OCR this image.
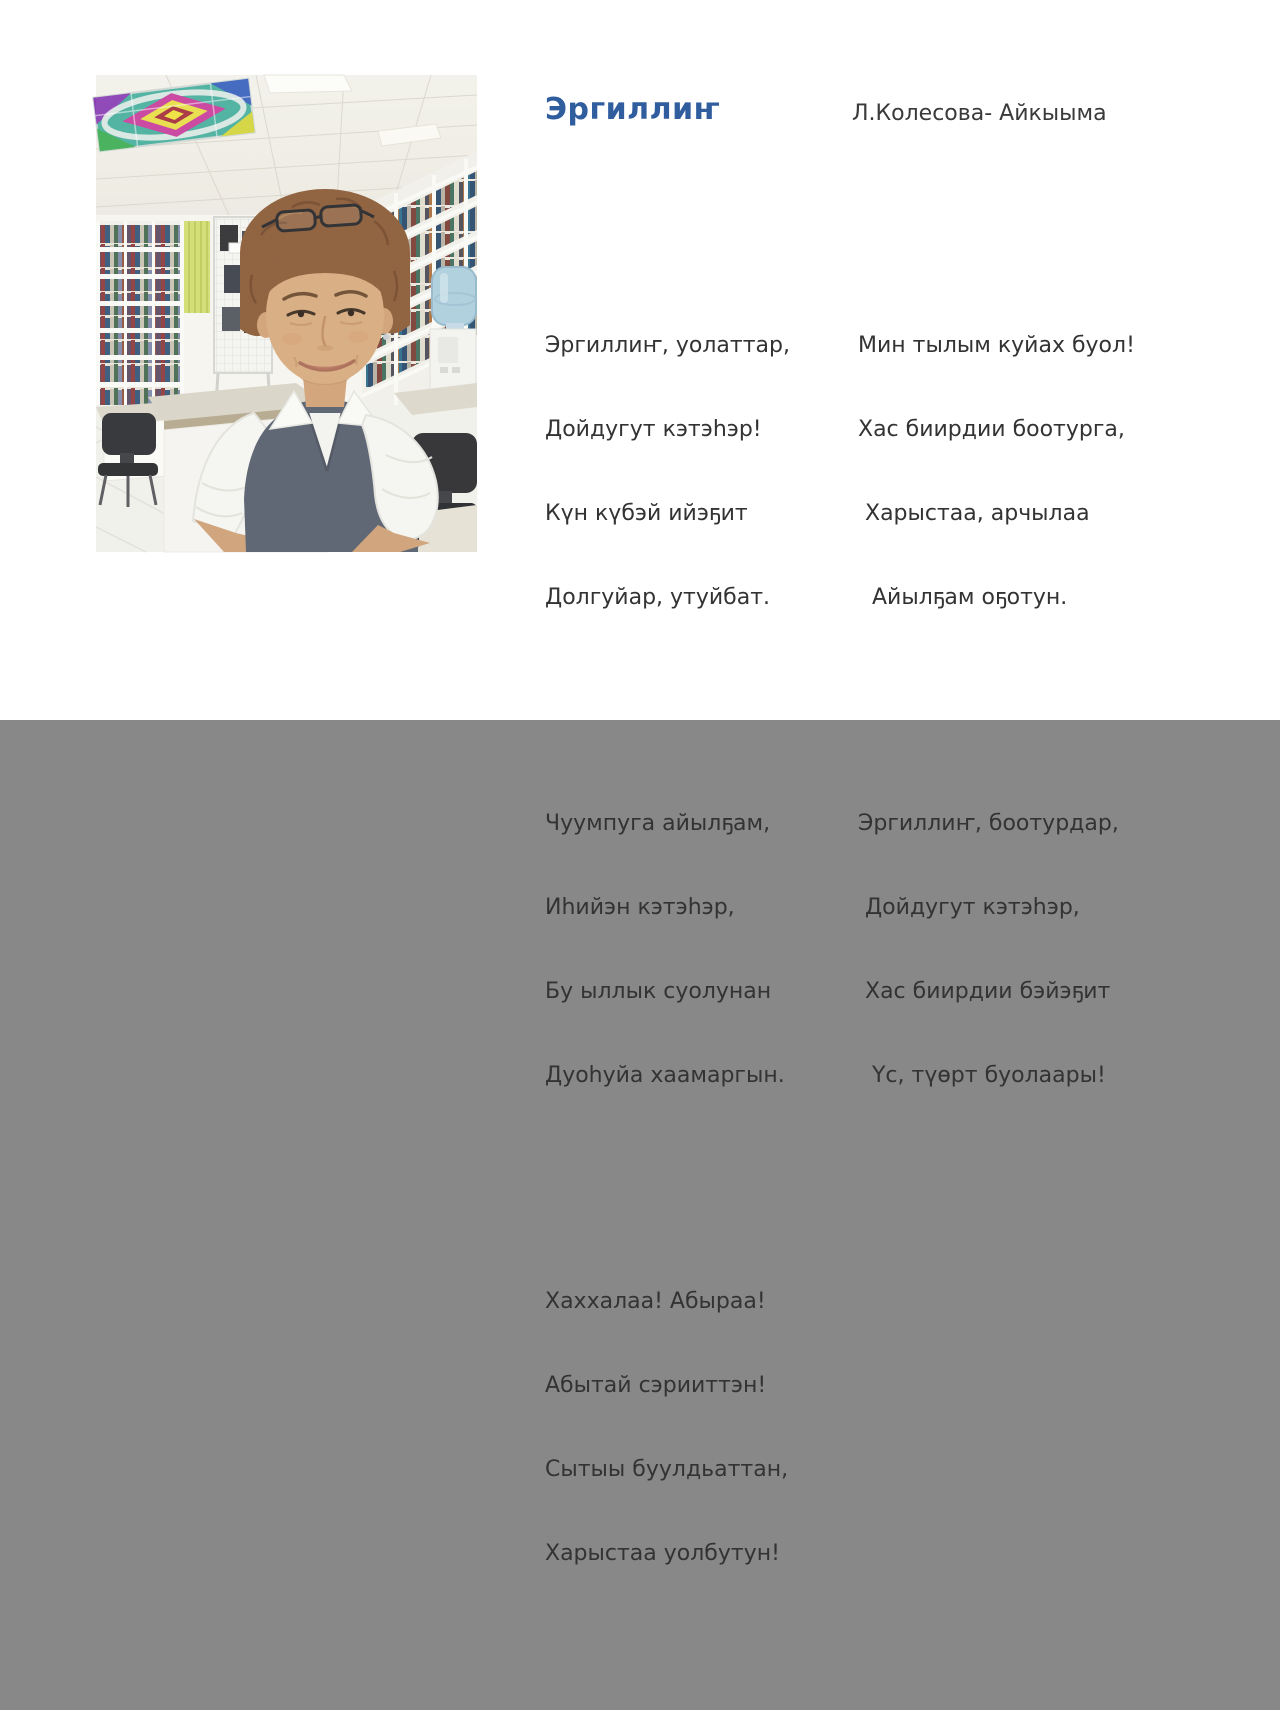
Эргиллиҥ	Л.Колесова- Айкыыма

Эргиллиҥ, уолаттар,

Дойдугут кэтэһэр!

Күн күбэй ийэҕит

Долгуйар, утуйбат.

Чуумпуга айылҕам,

Иһийэн кэтэһэр,

Бу ыллык суолунан

Дуоһуйа хаамаргын.

Хаххалаа! Абыраа!

Абытай сэрииттэн!

Сытыы буулдьаттан,

Харыстаа уолбутун!

Мин тылым куйах буол!

Хас биирдии боотурга,

Харыстаа, арчылаа

Айылҕам оҕотун.

Эргиллиҥ, боотурдар,

Дойдугут кэтэһэр,

Хас биирдии бэйэҕит

Үс, түөрт буолаары!
